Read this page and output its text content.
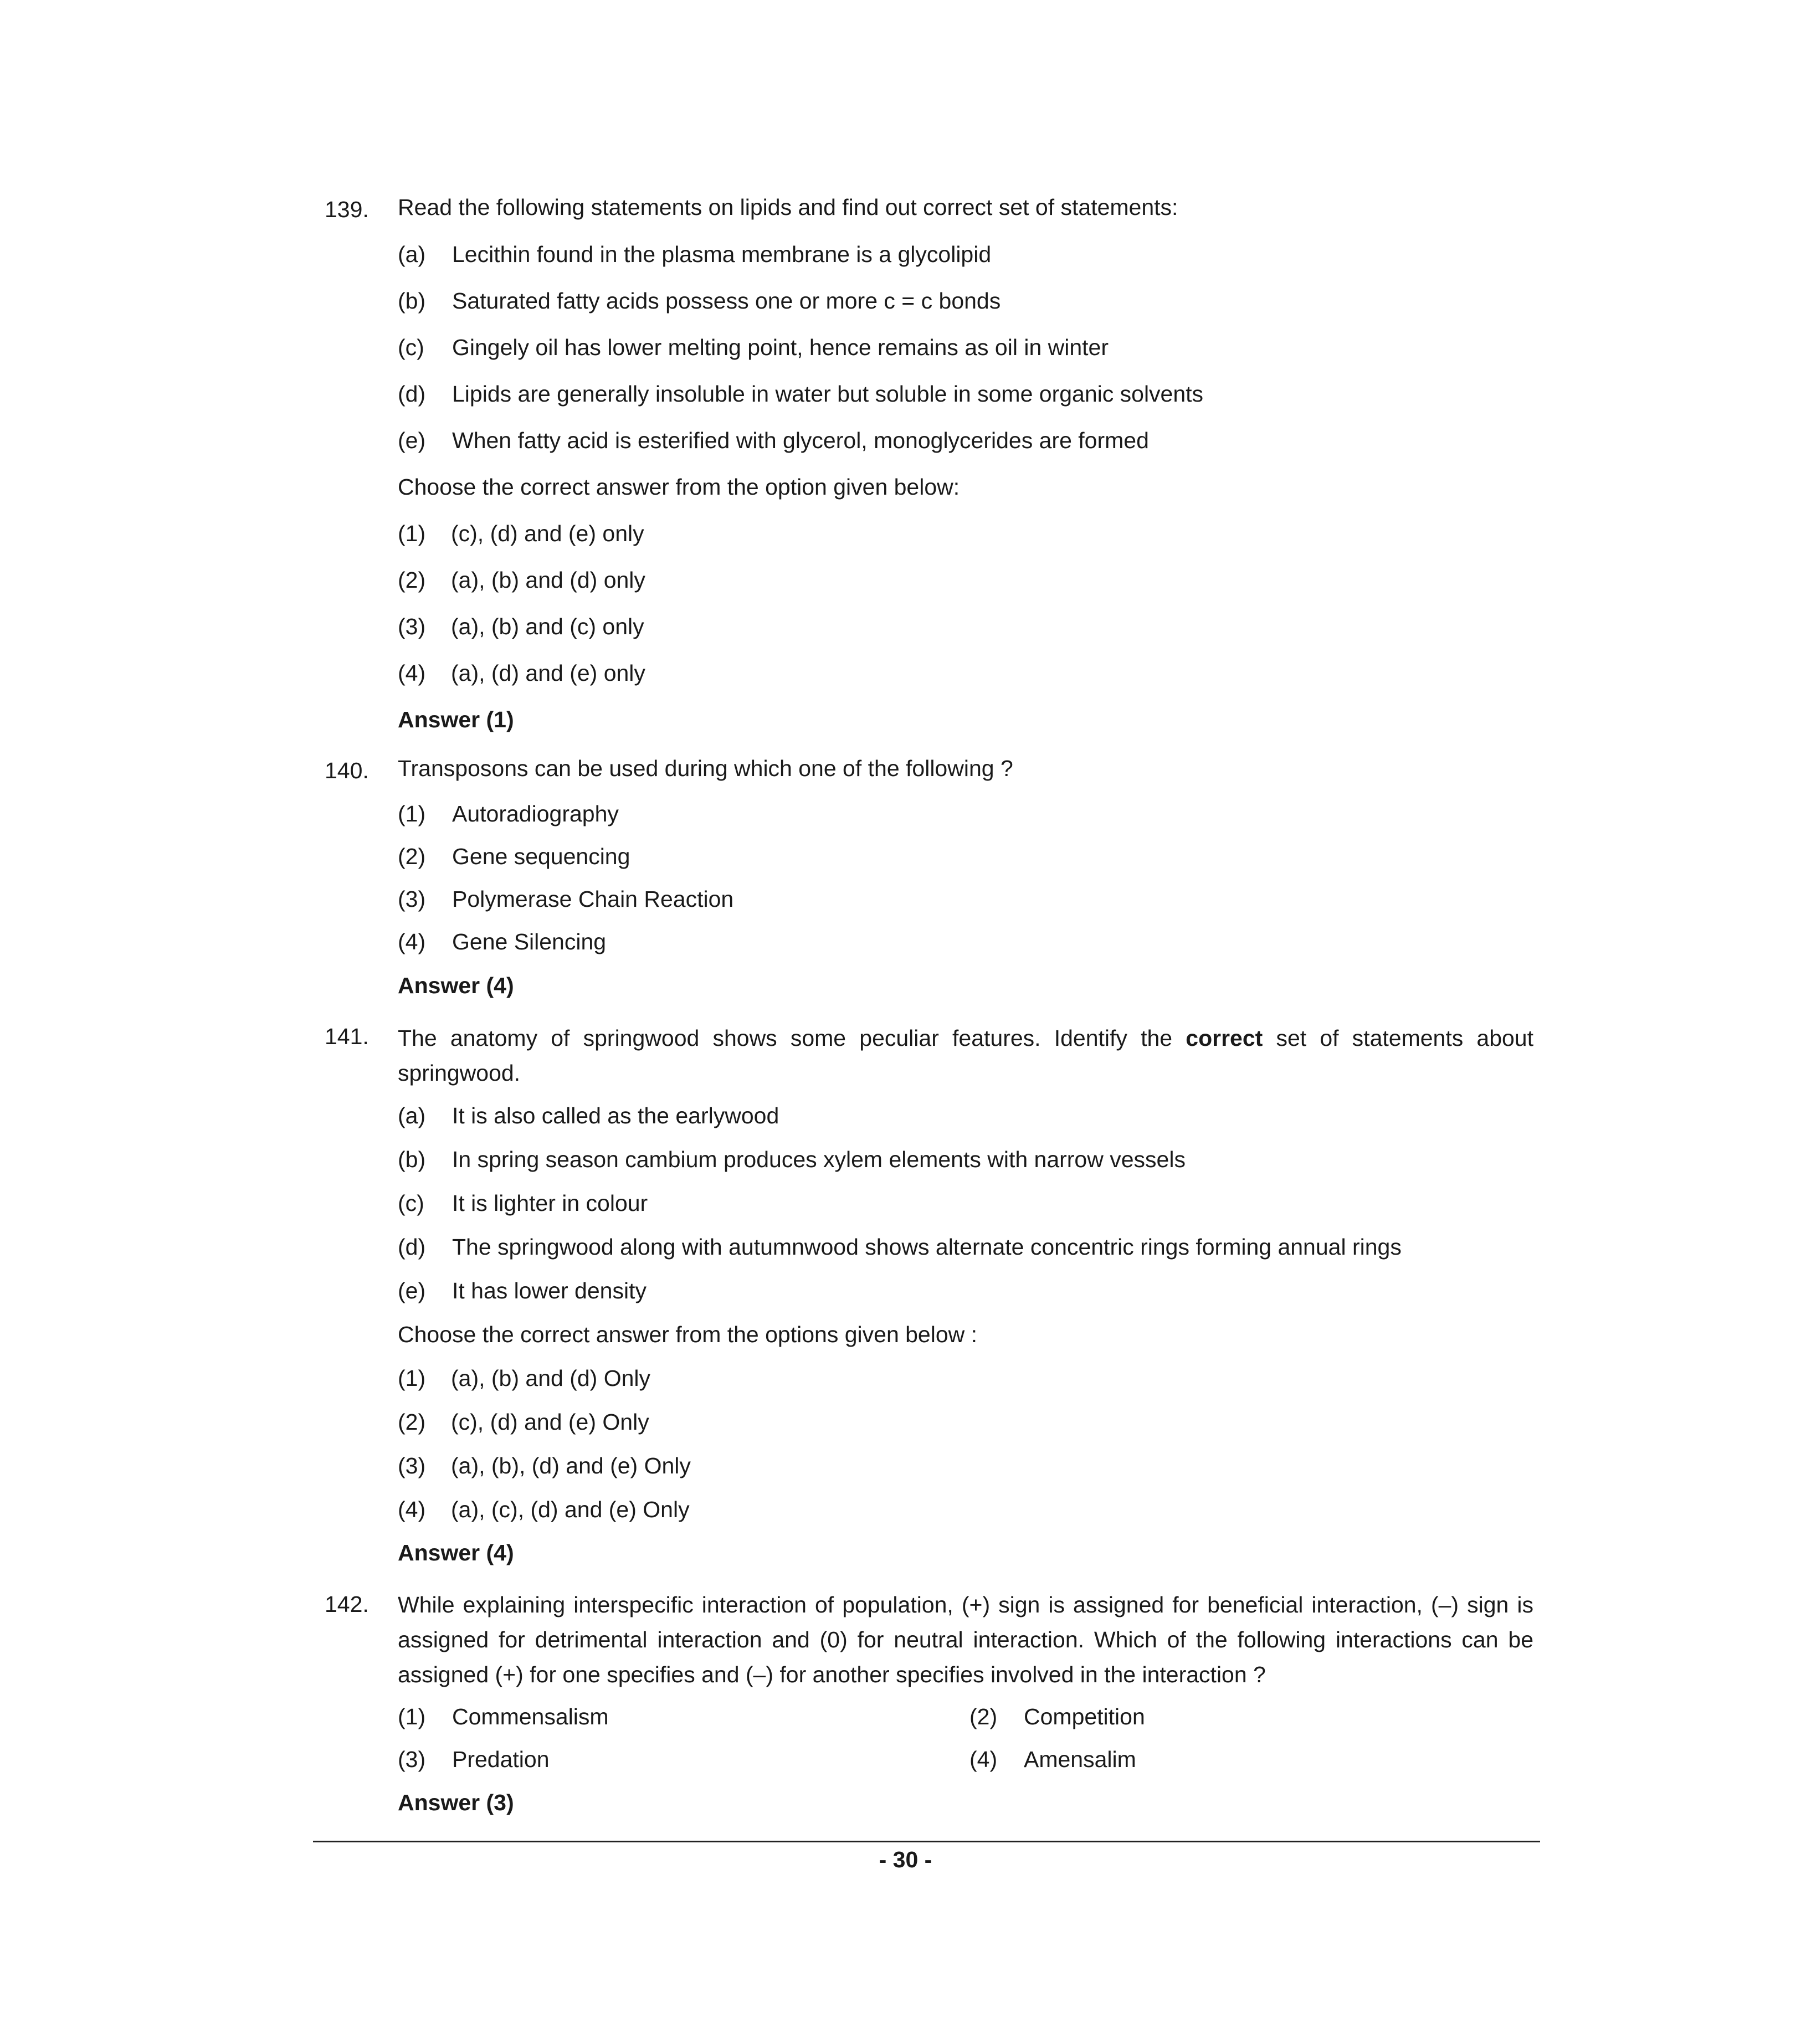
139. Read the following statements on lipids and find out correct set of statements:
(a) Lecithin found in the plasma membrane is a glycolipid
(b) Saturated fatty acids possess one or more c = c bonds
(c) Gingely oil has lower melting point, hence remains as oil in winter
(d) Lipids are generally insoluble in water but soluble in some organic solvents
(e) When fatty acid is esterified with glycerol, monoglycerides are formed
Choose the correct answer from the option given below:
(1) (c), (d) and (e) only
(2) (a), (b) and (d) only
(3) (a), (b) and (c) only
(4) (a), (d) and (e) only
Answer (1)
140. Transposons can be used during which one of the following ?
(1) Autoradiography
(2) Gene sequencing
(3) Polymerase Chain Reaction
(4) Gene Silencing
Answer (4)
141. The anatomy of springwood shows some peculiar features. Identify the correct set of statements about springwood.
(a) It is also called as the earlywood
(b) In spring season cambium produces xylem elements with narrow vessels
(c) It is lighter in colour
(d) The springwood along with autumnwood shows alternate concentric rings forming annual rings
(e) It has lower density
Choose the correct answer from the options given below :
(1) (a), (b) and (d) Only
(2) (c), (d) and (e) Only
(3) (a), (b), (d) and (e) Only
(4) (a), (c), (d) and (e) Only
Answer (4)
142. While explaining interspecific interaction of population, (+) sign is assigned for beneficial interaction, (–) sign is assigned for detrimental interaction and (0) for neutral interaction. Which of the following interactions can be assigned (+) for one specifies and (–) for another specifies involved in the interaction ?
(1) Commensalism	(2) Competition
(3) Predation	(4) Amensalim
Answer (3)
- 30 -
